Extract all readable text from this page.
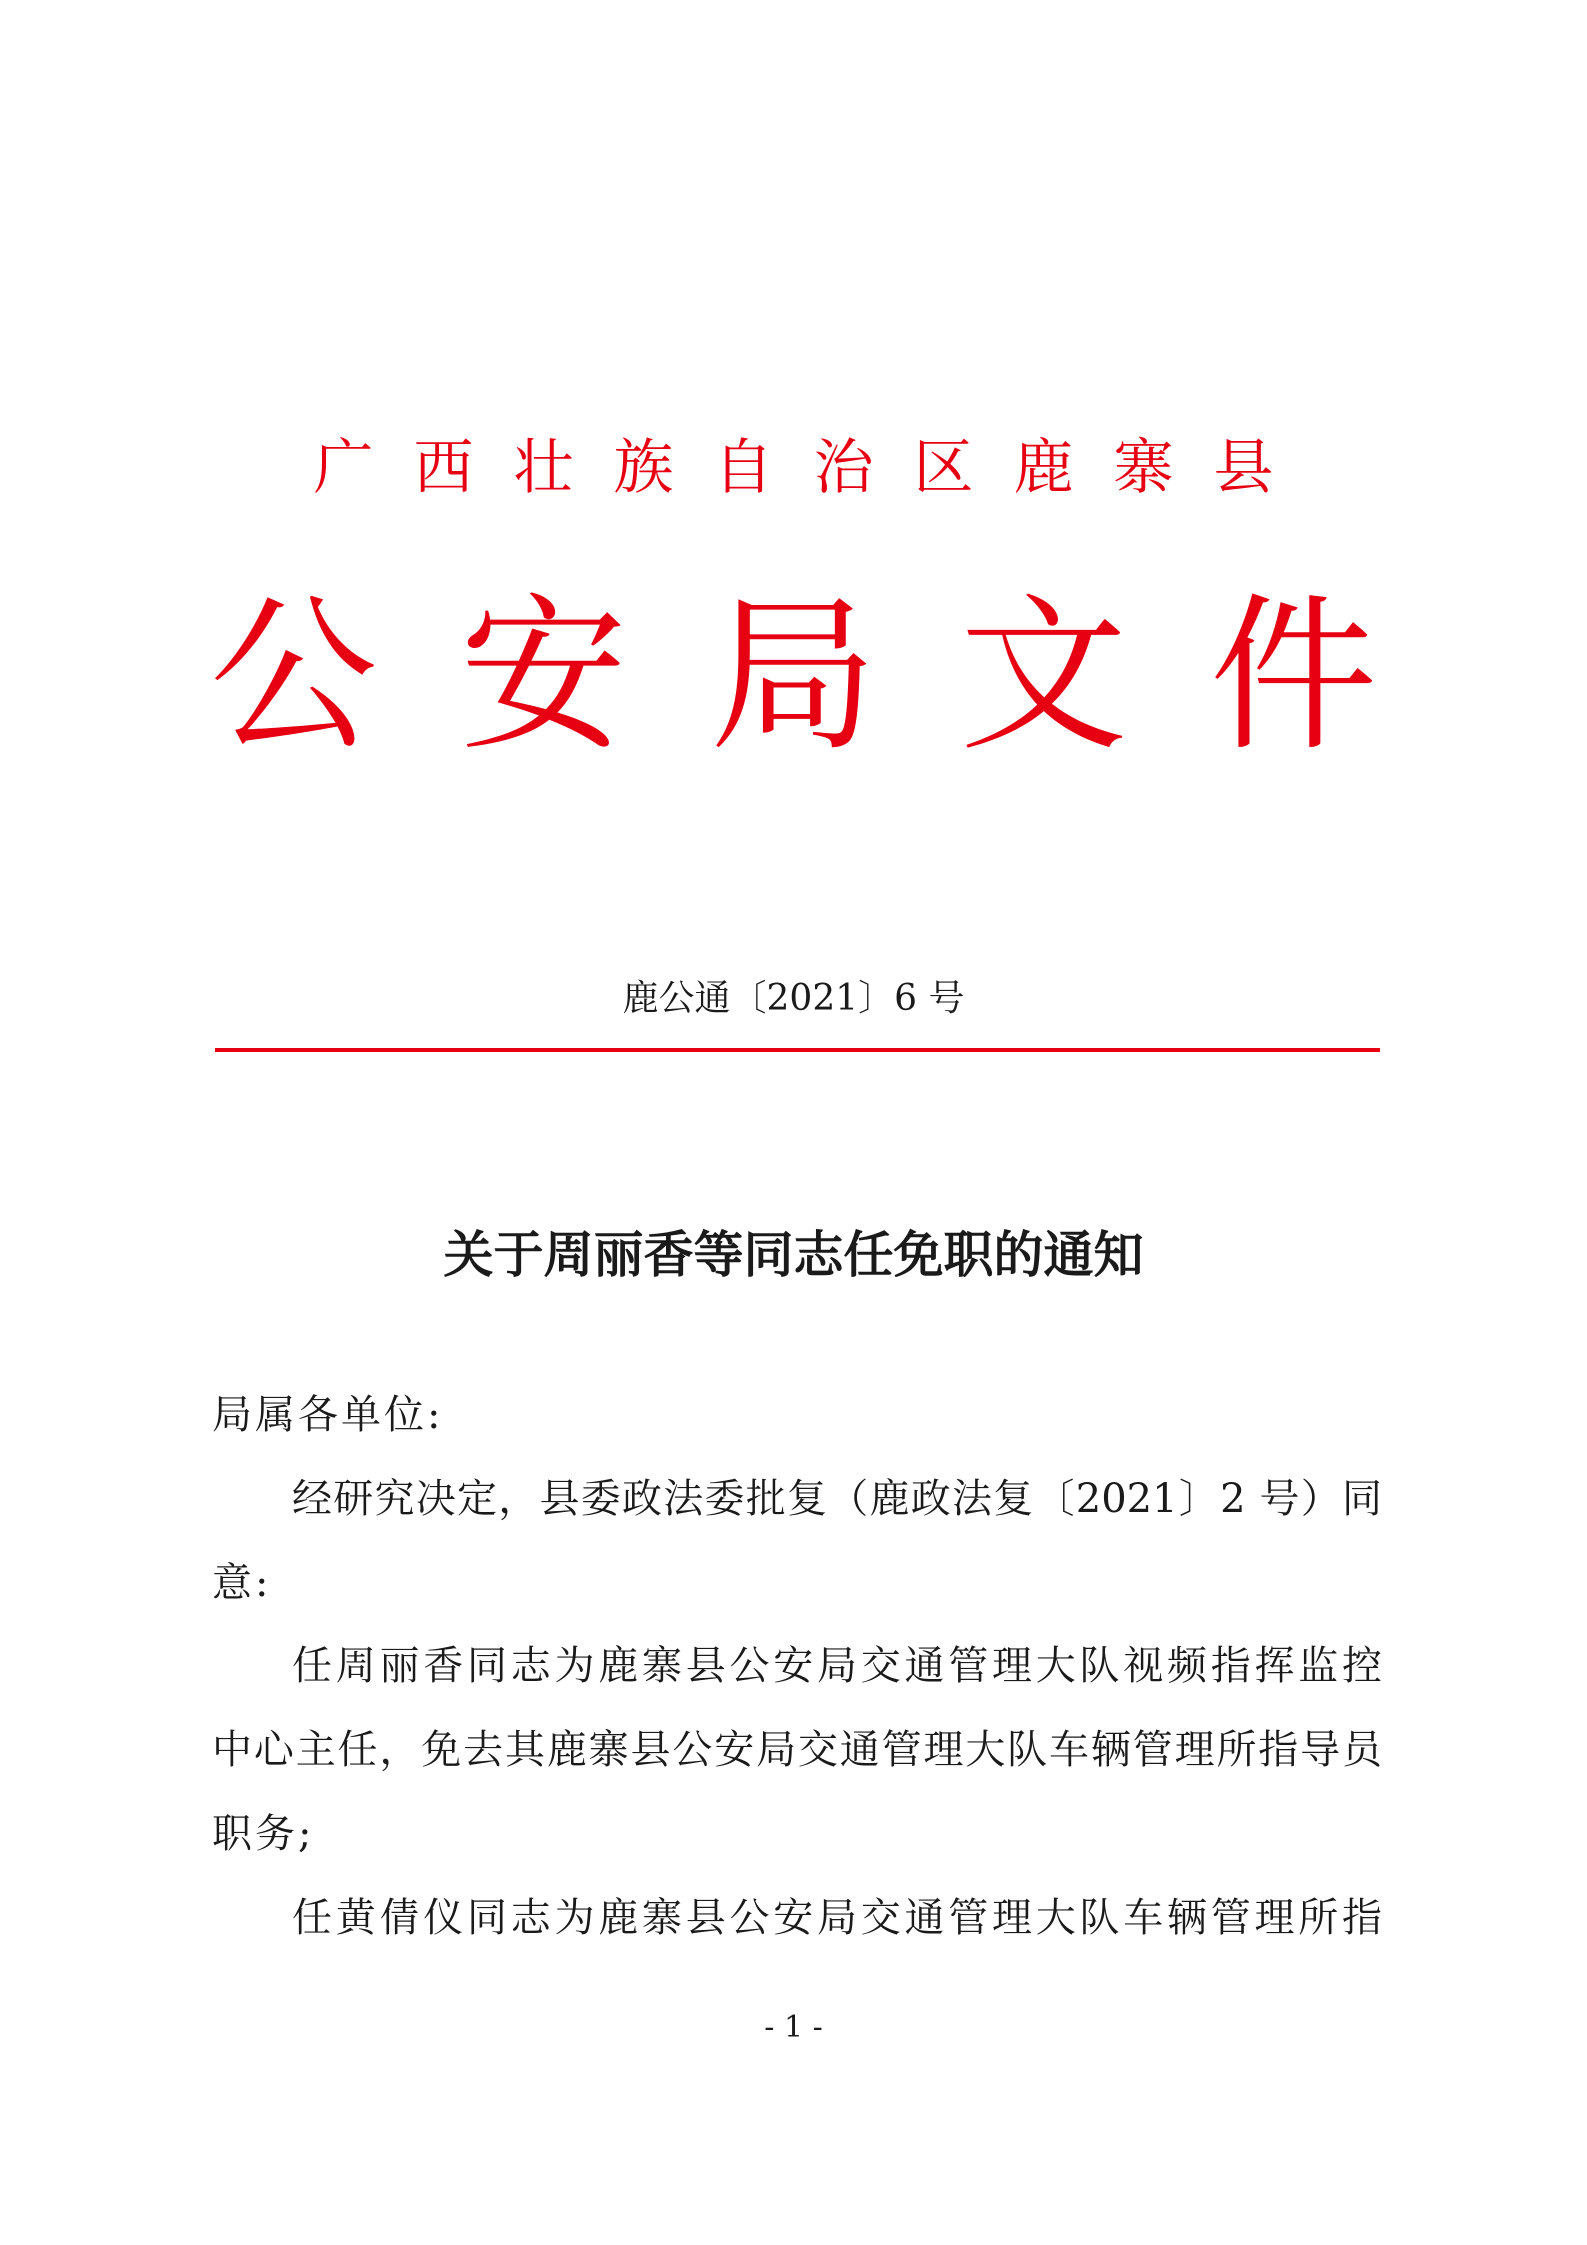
广西壮族自治区鹿寨县
公安局文件
鹿公通〔2021〕6 号
关于周丽香等同志任免职的通知
局属各单位:
经研究决定，县委政法委批复（鹿政法复〔2021〕2 号）同
意:
任周丽香同志为鹿寨县公安局交通管理大队视频指挥监控
中心主任，免去其鹿寨县公安局交通管理大队车辆管理所指导员
职务;
任黄倩仪同志为鹿寨县公安局交通管理大队车辆管理所指
- 1 -
